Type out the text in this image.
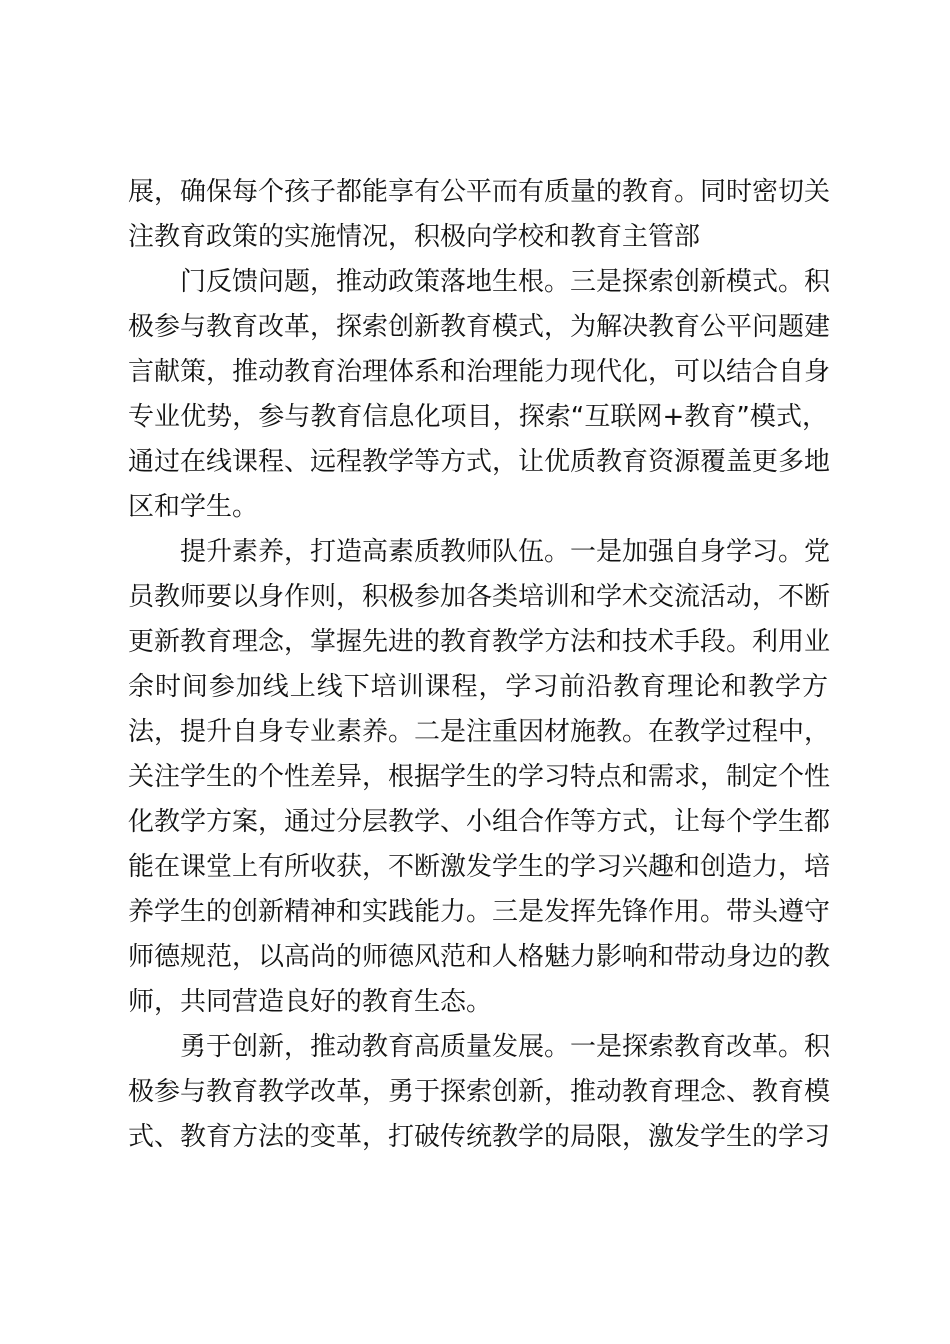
展，确保每个孩子都能享有公平而有质量的教育。同时密切关
注教育政策的实施情况，积极向学校和教育主管部
门反馈问题，推动政策落地生根。三是探索创新模式。积
极参与教育改革，探索创新教育模式，为解决教育公平问题建
言献策，推动教育治理体系和治理能力现代化，可以结合自身
专业优势，参与教育信息化项目，探索“互联网+教育”模式，
通过在线课程、远程教学等方式，让优质教育资源覆盖更多地
区和学生。
提升素养，打造高素质教师队伍。一是加强自身学习。党
员教师要以身作则，积极参加各类培训和学术交流活动，不断
更新教育理念，掌握先进的教育教学方法和技术手段。利用业
余时间参加线上线下培训课程，学习前沿教育理论和教学方
法，提升自身专业素养。二是注重因材施教。在教学过程中，
关注学生的个性差异，根据学生的学习特点和需求，制定个性
化教学方案，通过分层教学、小组合作等方式，让每个学生都
能在课堂上有所收获，不断激发学生的学习兴趣和创造力，培
养学生的创新精神和实践能力。三是发挥先锋作用。带头遵守
师德规范，以高尚的师德风范和人格魅力影响和带动身边的教
师，共同营造良好的教育生态。
勇于创新，推动教育高质量发展。一是探索教育改革。积
极参与教育教学改革，勇于探索创新，推动教育理念、教育模
式、教育方法的变革，打破传统教学的局限，激发学生的学习
